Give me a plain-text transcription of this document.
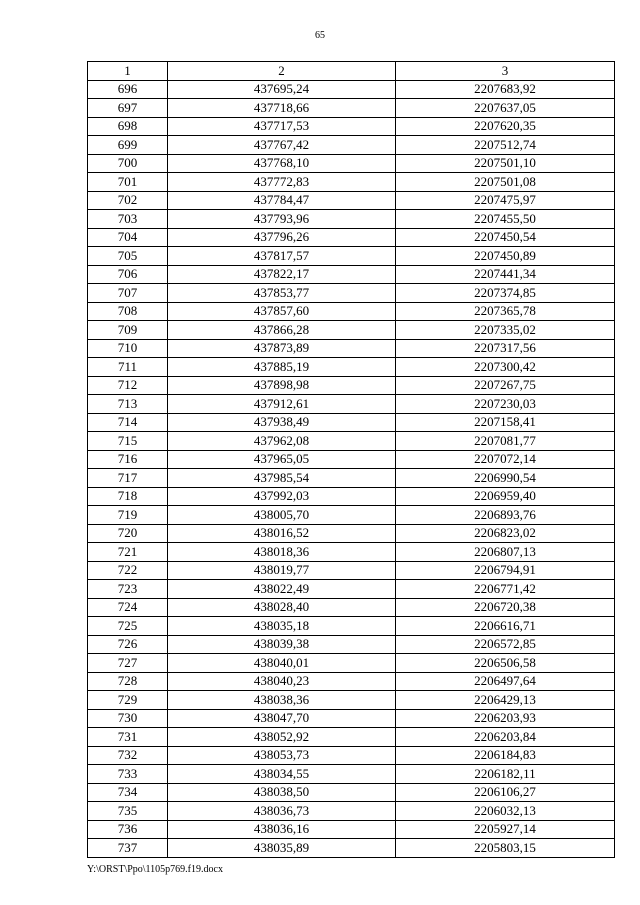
65
1	2	3
696	437695,24	2207683,92
697	437718,66	2207637,05
698	437717,53	2207620,35
699	437767,42	2207512,74
700	437768,10	2207501,10
701	437772,83	2207501,08
702	437784,47	2207475,97
703	437793,96	2207455,50
704	437796,26	2207450,54
705	437817,57	2207450,89
706	437822,17	2207441,34
707	437853,77	2207374,85
708	437857,60	2207365,78
709	437866,28	2207335,02
710	437873,89	2207317,56
711	437885,19	2207300,42
712	437898,98	2207267,75
713	437912,61	2207230,03
714	437938,49	2207158,41
715	437962,08	2207081,77
716	437965,05	2207072,14
717	437985,54	2206990,54
718	437992,03	2206959,40
719	438005,70	2206893,76
720	438016,52	2206823,02
721	438018,36	2206807,13
722	438019,77	2206794,91
723	438022,49	2206771,42
724	438028,40	2206720,38
725	438035,18	2206616,71
726	438039,38	2206572,85
727	438040,01	2206506,58
728	438040,23	2206497,64
729	438038,36	2206429,13
730	438047,70	2206203,93
731	438052,92	2206203,84
732	438053,73	2206184,83
733	438034,55	2206182,11
734	438038,50	2206106,27
735	438036,73	2206032,13
736	438036,16	2205927,14
737	438035,89	2205803,15
Y:\ORST\Ppo\1105p769.f19.docx
